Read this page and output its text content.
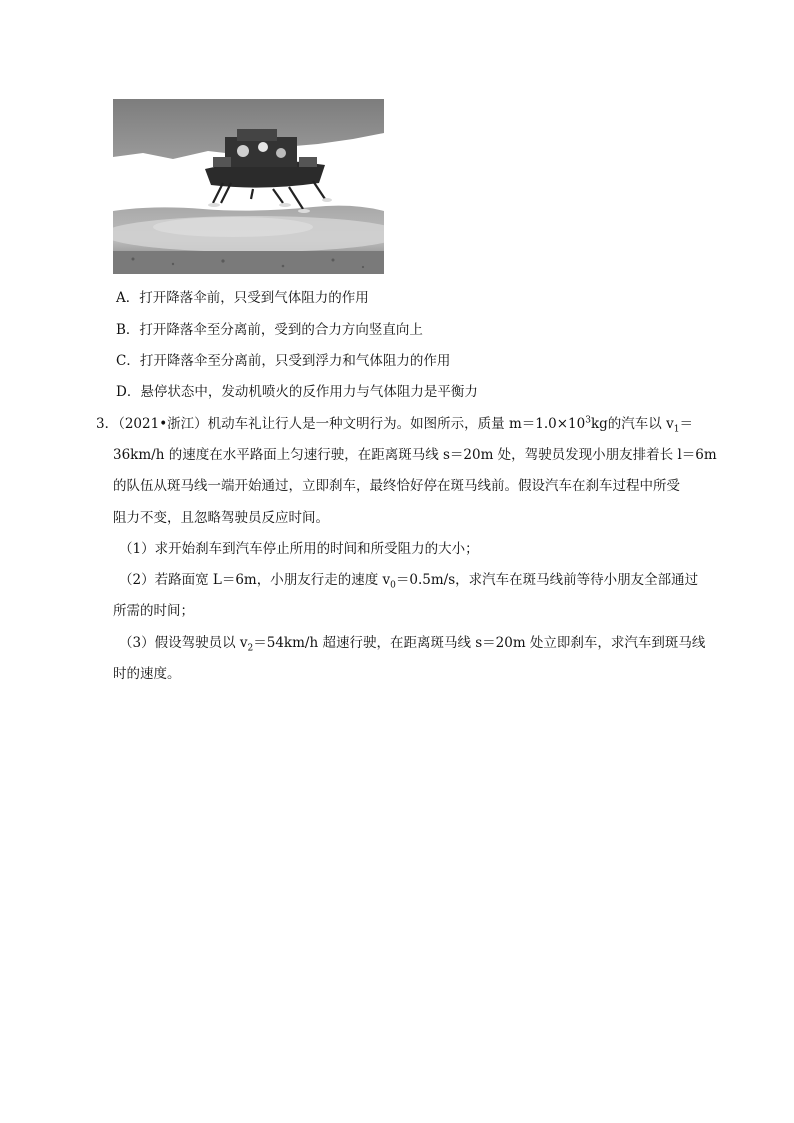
A．打开降落伞前，只受到气体阻力的作用
B．打开降落伞至分离前，受到的合力方向竖直向上
C．打开降落伞至分离前，只受到浮力和气体阻力的作用
D．悬停状态中，发动机喷火的反作用力与气体阻力是平衡力
3．（2021•浙江）机动车礼让行人是一种文明行为。如图所示，质量 $m=1.0\times 10^3kg$的汽车以 $v_1=$
36km/h 的速度在水平路面上匀速行驶，在距离斑马线 s＝20m 处，驾驶员发现小朋友排着长 l＝6m
的队伍从斑马线一端开始通过，立即刹车，最终恰好停在斑马线前。假设汽车在刹车过程中所受
阻力不变，且忽略驾驶员反应时间。
（1）求开始刹车到汽车停止所用的时间和所受阻力的大小；
（2）若路面宽 L＝6m，小朋友行走的速度 $v_0=0.5m/s$，求汽车在斑马线前等待小朋友全部通过
所需的时间；
（3）假设驾驶员以 $v_2=54km/h$ 超速行驶，在距离斑马线 s＝20m 处立即刹车，求汽车到斑马线
时的速度。
